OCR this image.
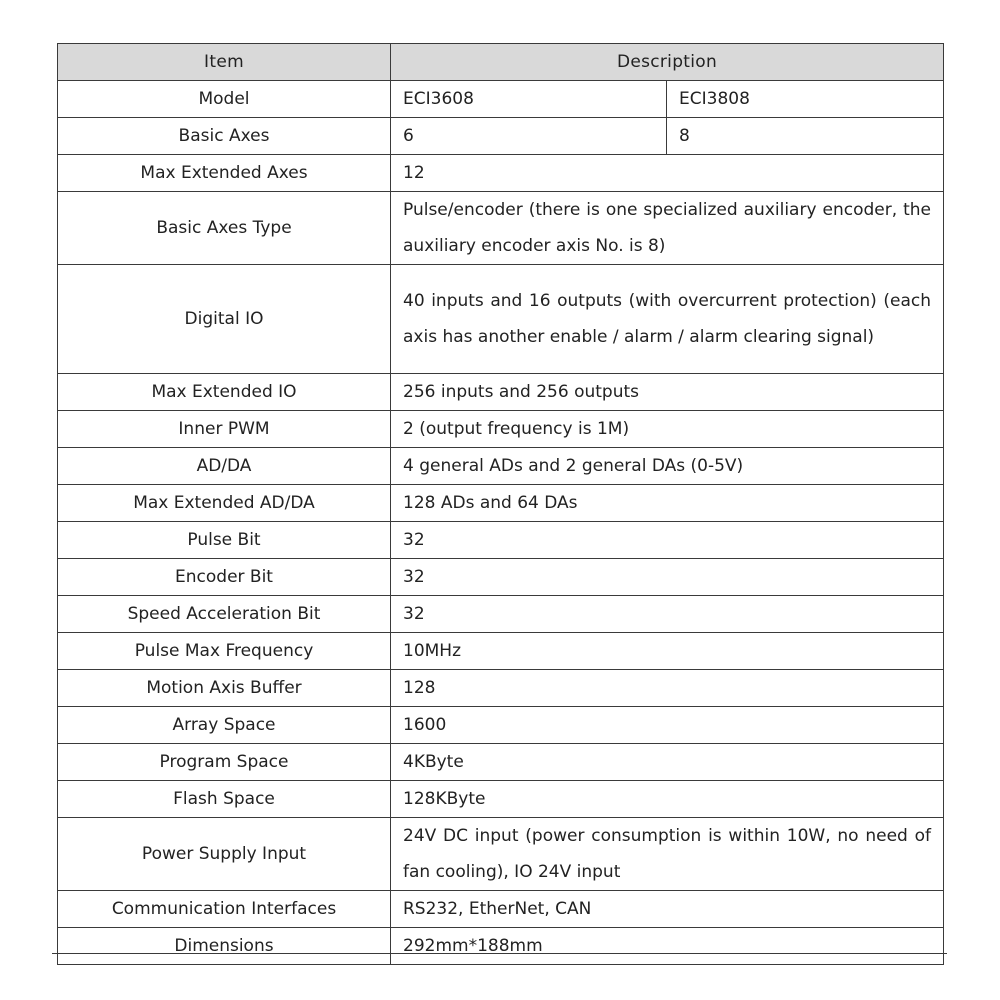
Item	Description	
Model	ECI3608	ECI3808
Basic Axes	6	8
Max Extended Axes	12	
Basic Axes Type	Pulse/encoder (there is one specialized auxiliary encoder, the auxiliary encoder axis No. is 8)	
Digital IO	40 inputs and 16 outputs (with overcurrent protection) (each axis has another enable / alarm / alarm clearing signal)	
Max Extended IO	256 inputs and 256 outputs	
Inner PWM	2 (output frequency is 1M)	
AD/DA	4 general ADs and 2 general DAs (0-5V)	
Max Extended AD/DA	128 ADs and 64 DAs	
Pulse Bit	32	
Encoder Bit	32	
Speed Acceleration Bit	32	
Pulse Max Frequency	10MHz	
Motion Axis Buffer	128	
Array Space	1600	
Program Space	4KByte	
Flash Space	128KByte	
Power Supply Input	24V DC input (power consumption is within 10W, no need of fan cooling), IO 24V input	
Communication Interfaces	RS232, EtherNet, CAN	
Dimensions	292mm*188mm	
